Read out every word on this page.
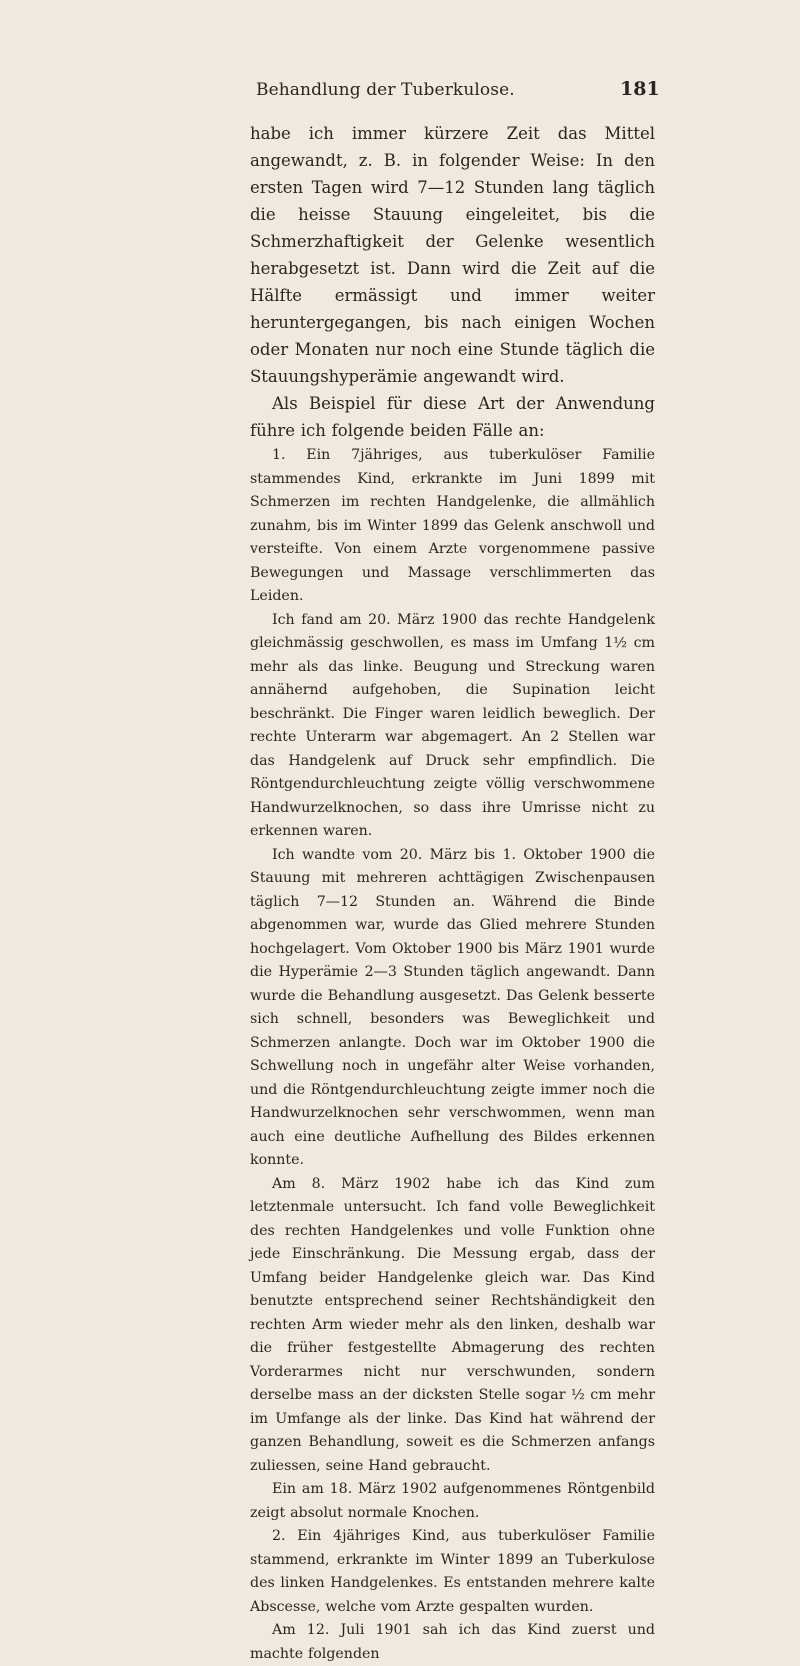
Behandlung der Tuberkulose.	181

habe ich immer kürzere Zeit das Mittel angewandt, z. B. in folgender Weise: In den ersten Tagen wird 7—12 Stunden lang täglich die heisse Stauung eingeleitet, bis die Schmerzhaftigkeit der Gelenke wesentlich herabgesetzt ist. Dann wird die Zeit auf die Hälfte ermässigt und immer weiter heruntergegangen, bis nach einigen Wochen oder Monaten nur noch eine Stunde täglich die Stauungshyperämie angewandt wird.

Als Beispiel für diese Art der Anwendung führe ich folgende beiden Fälle an:

1. Ein 7jähriges, aus tuberkulöser Familie stammendes Kind, erkrankte im Juni 1899 mit Schmerzen im rechten Handgelenke, die allmählich zunahm, bis im Winter 1899 das Gelenk anschwoll und versteifte. Von einem Arzte vorgenommene passive Bewegungen und Massage verschlimmerten das Leiden.

Ich fand am 20. März 1900 das rechte Handgelenk gleichmässig geschwollen, es mass im Umfang 1½ cm mehr als das linke. Beugung und Streckung waren annähernd aufgehoben, die Supination leicht beschränkt. Die Finger waren leidlich beweglich. Der rechte Unterarm war abgemagert. An 2 Stellen war das Handgelenk auf Druck sehr empfindlich. Die Röntgendurchleuchtung zeigte völlig verschwommene Handwurzelknochen, so dass ihre Umrisse nicht zu erkennen waren.

Ich wandte vom 20. März bis 1. Oktober 1900 die Stauung mit mehreren achttägigen Zwischenpausen täglich 7—12 Stunden an. Während die Binde abgenommen war, wurde das Glied mehrere Stunden hochgelagert. Vom Oktober 1900 bis März 1901 wurde die Hyperämie 2—3 Stunden täglich angewandt. Dann wurde die Behandlung ausgesetzt. Das Gelenk besserte sich schnell, besonders was Beweglichkeit und Schmerzen anlangte. Doch war im Oktober 1900 die Schwellung noch in ungefähr alter Weise vorhanden, und die Röntgendurchleuchtung zeigte immer noch die Handwurzelknochen sehr verschwommen, wenn man auch eine deutliche Aufhellung des Bildes erkennen konnte.

Am 8. März 1902 habe ich das Kind zum letztenmale untersucht. Ich fand volle Beweglichkeit des rechten Handgelenkes und volle Funktion ohne jede Einschränkung. Die Messung ergab, dass der Umfang beider Handgelenke gleich war. Das Kind benutzte entsprechend seiner Rechtshändigkeit den rechten Arm wieder mehr als den linken, deshalb war die früher festgestellte Abmagerung des rechten Vorderarmes nicht nur verschwunden, sondern derselbe mass an der dicksten Stelle sogar ½ cm mehr im Umfange als der linke. Das Kind hat während der ganzen Behandlung, soweit es die Schmerzen anfangs zuliessen, seine Hand gebraucht.

Ein am 18. März 1902 aufgenommenes Röntgenbild zeigt absolut normale Knochen.

2. Ein 4jähriges Kind, aus tuberkulöser Familie stammend, erkrankte im Winter 1899 an Tuberkulose des linken Handgelenkes. Es entstanden mehrere kalte Abscesse, welche vom Arzte gespalten wurden.

Am 12. Juli 1901 sah ich das Kind zuerst und machte folgenden
